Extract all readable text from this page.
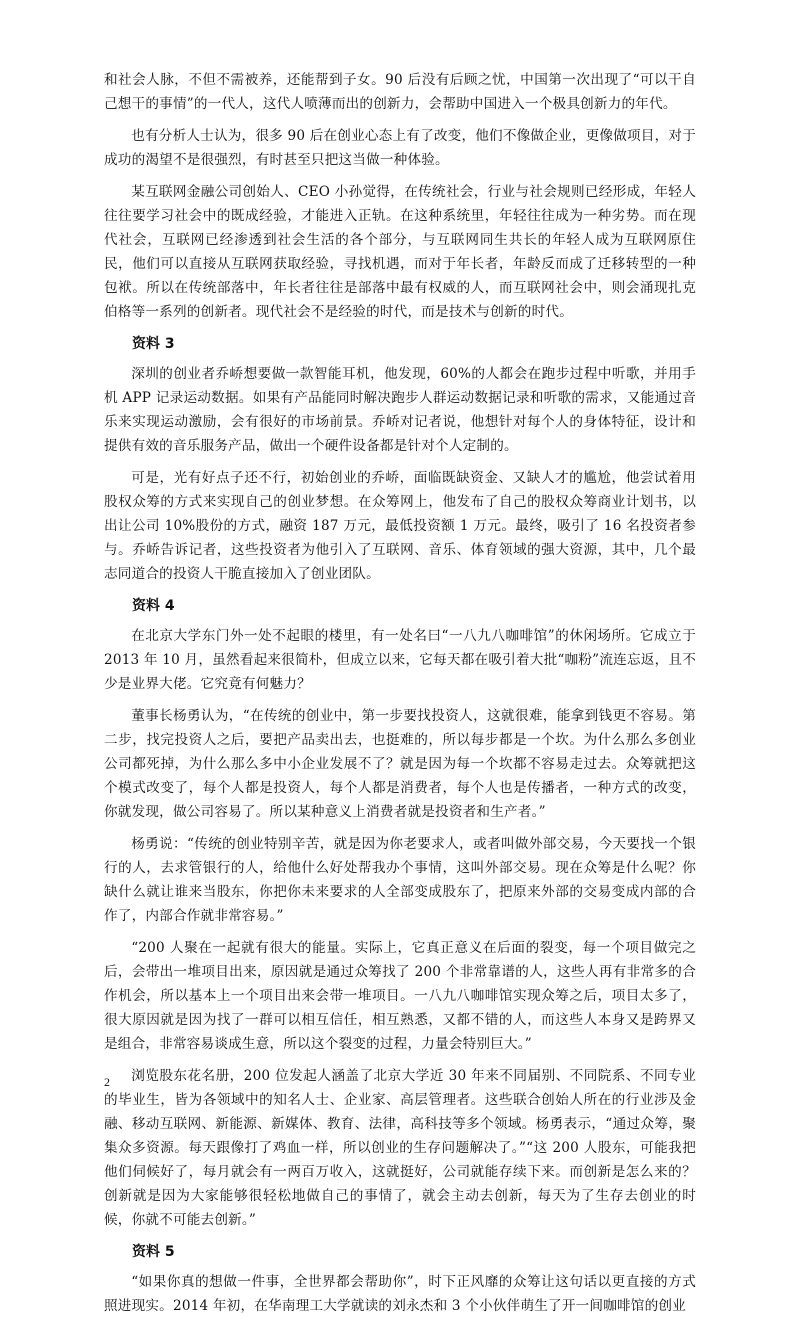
和社会人脉，不但不需被养，还能帮到子女。90 后没有后顾之忧，中国第一次出现了“可以干自己想干的事情”的一代人，这代人喷薄而出的创新力，会帮助中国进入一个极具创新力的年代。

也有分析人士认为，很多 90 后在创业心态上有了改变，他们不像做企业，更像做项目，对于成功的渴望不是很强烈，有时甚至只把这当做一种体验。

某互联网金融公司创始人、CEO 小孙觉得，在传统社会，行业与社会规则已经形成，年轻人往往要学习社会中的既成经验，才能进入正轨。在这种系统里，年轻往往成为一种劣势。而在现代社会，互联网已经渗透到社会生活的各个部分，与互联网同生共长的年轻人成为互联网原住民，他们可以直接从互联网获取经验，寻找机遇，而对于年长者，年龄反而成了迁移转型的一种包袱。所以在传统部落中，年长者往往是部落中最有权威的人，而互联网社会中，则会涌现扎克伯格等一系列的创新者。现代社会不是经验的时代，而是技术与创新的时代。

资料 3

深圳的创业者乔峤想要做一款智能耳机，他发现，60%的人都会在跑步过程中听歌，并用手机 APP 记录运动数据。如果有产品能同时解决跑步人群运动数据记录和听歌的需求，又能通过音乐来实现运动激励，会有很好的市场前景。乔峤对记者说，他想针对每个人的身体特征，设计和提供有效的音乐服务产品，做出一个硬件设备都是针对个人定制的。

可是，光有好点子还不行，初始创业的乔峤，面临既缺资金、又缺人才的尴尬，他尝试着用股权众筹的方式来实现自己的创业梦想。在众筹网上，他发布了自己的股权众筹商业计划书，以出让公司 10%股份的方式，融资 187 万元，最低投资额 1 万元。最终，吸引了 16 名投资者参与。乔峤告诉记者，这些投资者为他引入了互联网、音乐、体育领域的强大资源，其中，几个最志同道合的投资人干脆直接加入了创业团队。

资料 4

在北京大学东门外一处不起眼的楼里，有一处名曰“一八九八咖啡馆”的休闲场所。它成立于 2013 年 10 月，虽然看起来很简朴，但成立以来，它每天都在吸引着大批“咖粉”流连忘返，且不少是业界大佬。它究竟有何魅力？

董事长杨勇认为，“在传统的创业中，第一步要找投资人，这就很难，能拿到钱更不容易。第二步，找完投资人之后，要把产品卖出去，也挺难的，所以每步都是一个坎。为什么那么多创业公司都死掉，为什么那么多中小企业发展不了？就是因为每一个坎都不容易走过去。众筹就把这个模式改变了，每个人都是投资人，每个人都是消费者，每个人也是传播者，一种方式的改变，你就发现，做公司容易了。所以某种意义上消费者就是投资者和生产者。”

杨勇说：“传统的创业特别辛苦，就是因为你老要求人，或者叫做外部交易，今天要找一个银行的人，去求管银行的人，给他什么好处帮我办个事情，这叫外部交易。现在众筹是什么呢？你缺什么就让谁来当股东，你把你未来要求的人全部变成股东了，把原来外部的交易变成内部的合作了，内部合作就非常容易。”

“200 人聚在一起就有很大的能量。实际上，它真正意义在后面的裂变，每一个项目做完之后，会带出一堆项目出来，原因就是通过众筹找了 200 个非常靠谱的人，这些人再有非常多的合作机会，所以基本上一个项目出来会带一堆项目。一八九八咖啡馆实现众筹之后，项目太多了，很大原因就是因为找了一群可以相互信任，相互熟悉，又都不错的人，而这些人本身又是跨界又是组合，非常容易谈成生意，所以这个裂变的过程，力量会特别巨大。”

浏览股东花名册，200 位发起人涵盖了北京大学近 30 年来不同届别、不同院系、不同专业的毕业生，皆为各领域中的知名人士、企业家、高层管理者。这些联合创始人所在的行业涉及金融、移动互联网、新能源、新媒体、教育、法律，高科技等多个领域。杨勇表示，“通过众筹，聚集众多资源。每天跟像打了鸡血一样，所以创业的生存问题解决了。”“这 200 人股东，可能我把他们伺候好了，每月就会有一两百万收入，这就挺好，公司就能存续下来。而创新是怎么来的？创新就是因为大家能够很轻松地做自己的事情了，就会主动去创新，每天为了生存去创业的时候，你就不可能去创新。”

资料 5

“如果你真的想做一件事，全世界都会帮助你”，时下正风靡的众筹让这句话以更直接的方式照进现实。2014 年初，在华南理工大学就读的刘永杰和 3 个小伙伴萌生了开一间咖啡馆的创业

2
